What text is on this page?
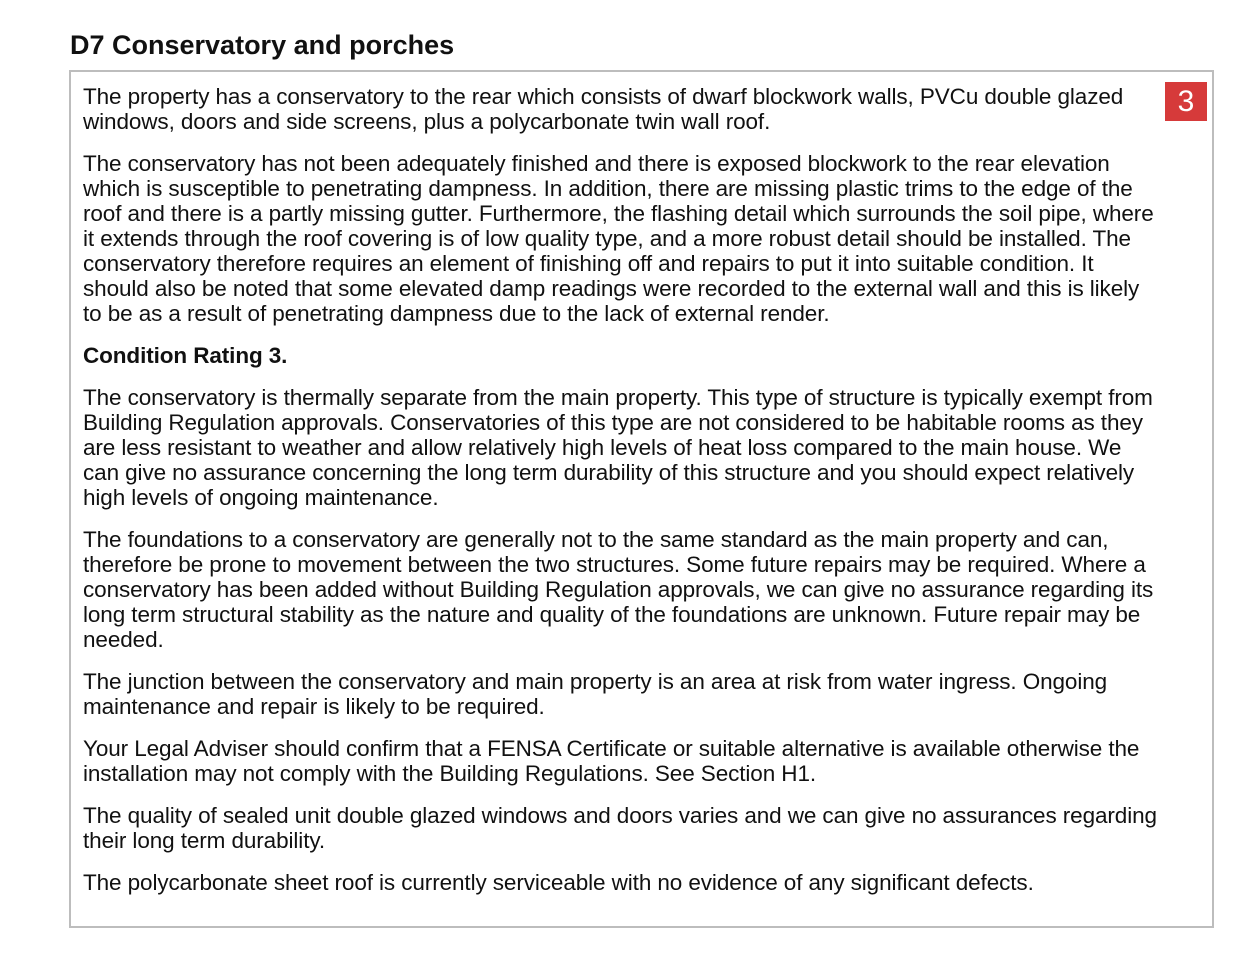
D7 Conservatory and porches
3

The property has a conservatory to the rear which consists of dwarf blockwork walls, PVCu double glazed windows, doors and side screens, plus a polycarbonate twin wall roof.

The conservatory has not been adequately finished and there is exposed blockwork to the rear elevation which is susceptible to penetrating dampness. In addition, there are missing plastic trims to the edge of the roof and there is a partly missing gutter. Furthermore, the flashing detail which surrounds the soil pipe, where it extends through the roof covering is of low quality type, and a more robust detail should be installed. The conservatory therefore requires an element of finishing off and repairs to put it into suitable condition. It should also be noted that some elevated damp readings were recorded to the external wall and this is likely to be as a result of penetrating dampness due to the lack of external render.

Condition Rating 3.

The conservatory is thermally separate from the main property. This type of structure is typically exempt from Building Regulation approvals. Conservatories of this type are not considered to be habitable rooms as they are less resistant to weather and allow relatively high levels of heat loss compared to the main house. We can give no assurance concerning the long term durability of this structure and you should expect relatively high levels of ongoing maintenance.

The foundations to a conservatory are generally not to the same standard as the main property and can, therefore be prone to movement between the two structures. Some future repairs may be required. Where a conservatory has been added without Building Regulation approvals, we can give no assurance regarding its long term structural stability as the nature and quality of the foundations are unknown. Future repair may be needed.

The junction between the conservatory and main property is an area at risk from water ingress. Ongoing maintenance and repair is likely to be required.

Your Legal Adviser should confirm that a FENSA Certificate or suitable alternative is available otherwise the installation may not comply with the Building Regulations. See Section H1.

The quality of sealed unit double glazed windows and doors varies and we can give no assurances regarding their long term durability.

The polycarbonate sheet roof is currently serviceable with no evidence of any significant defects.
